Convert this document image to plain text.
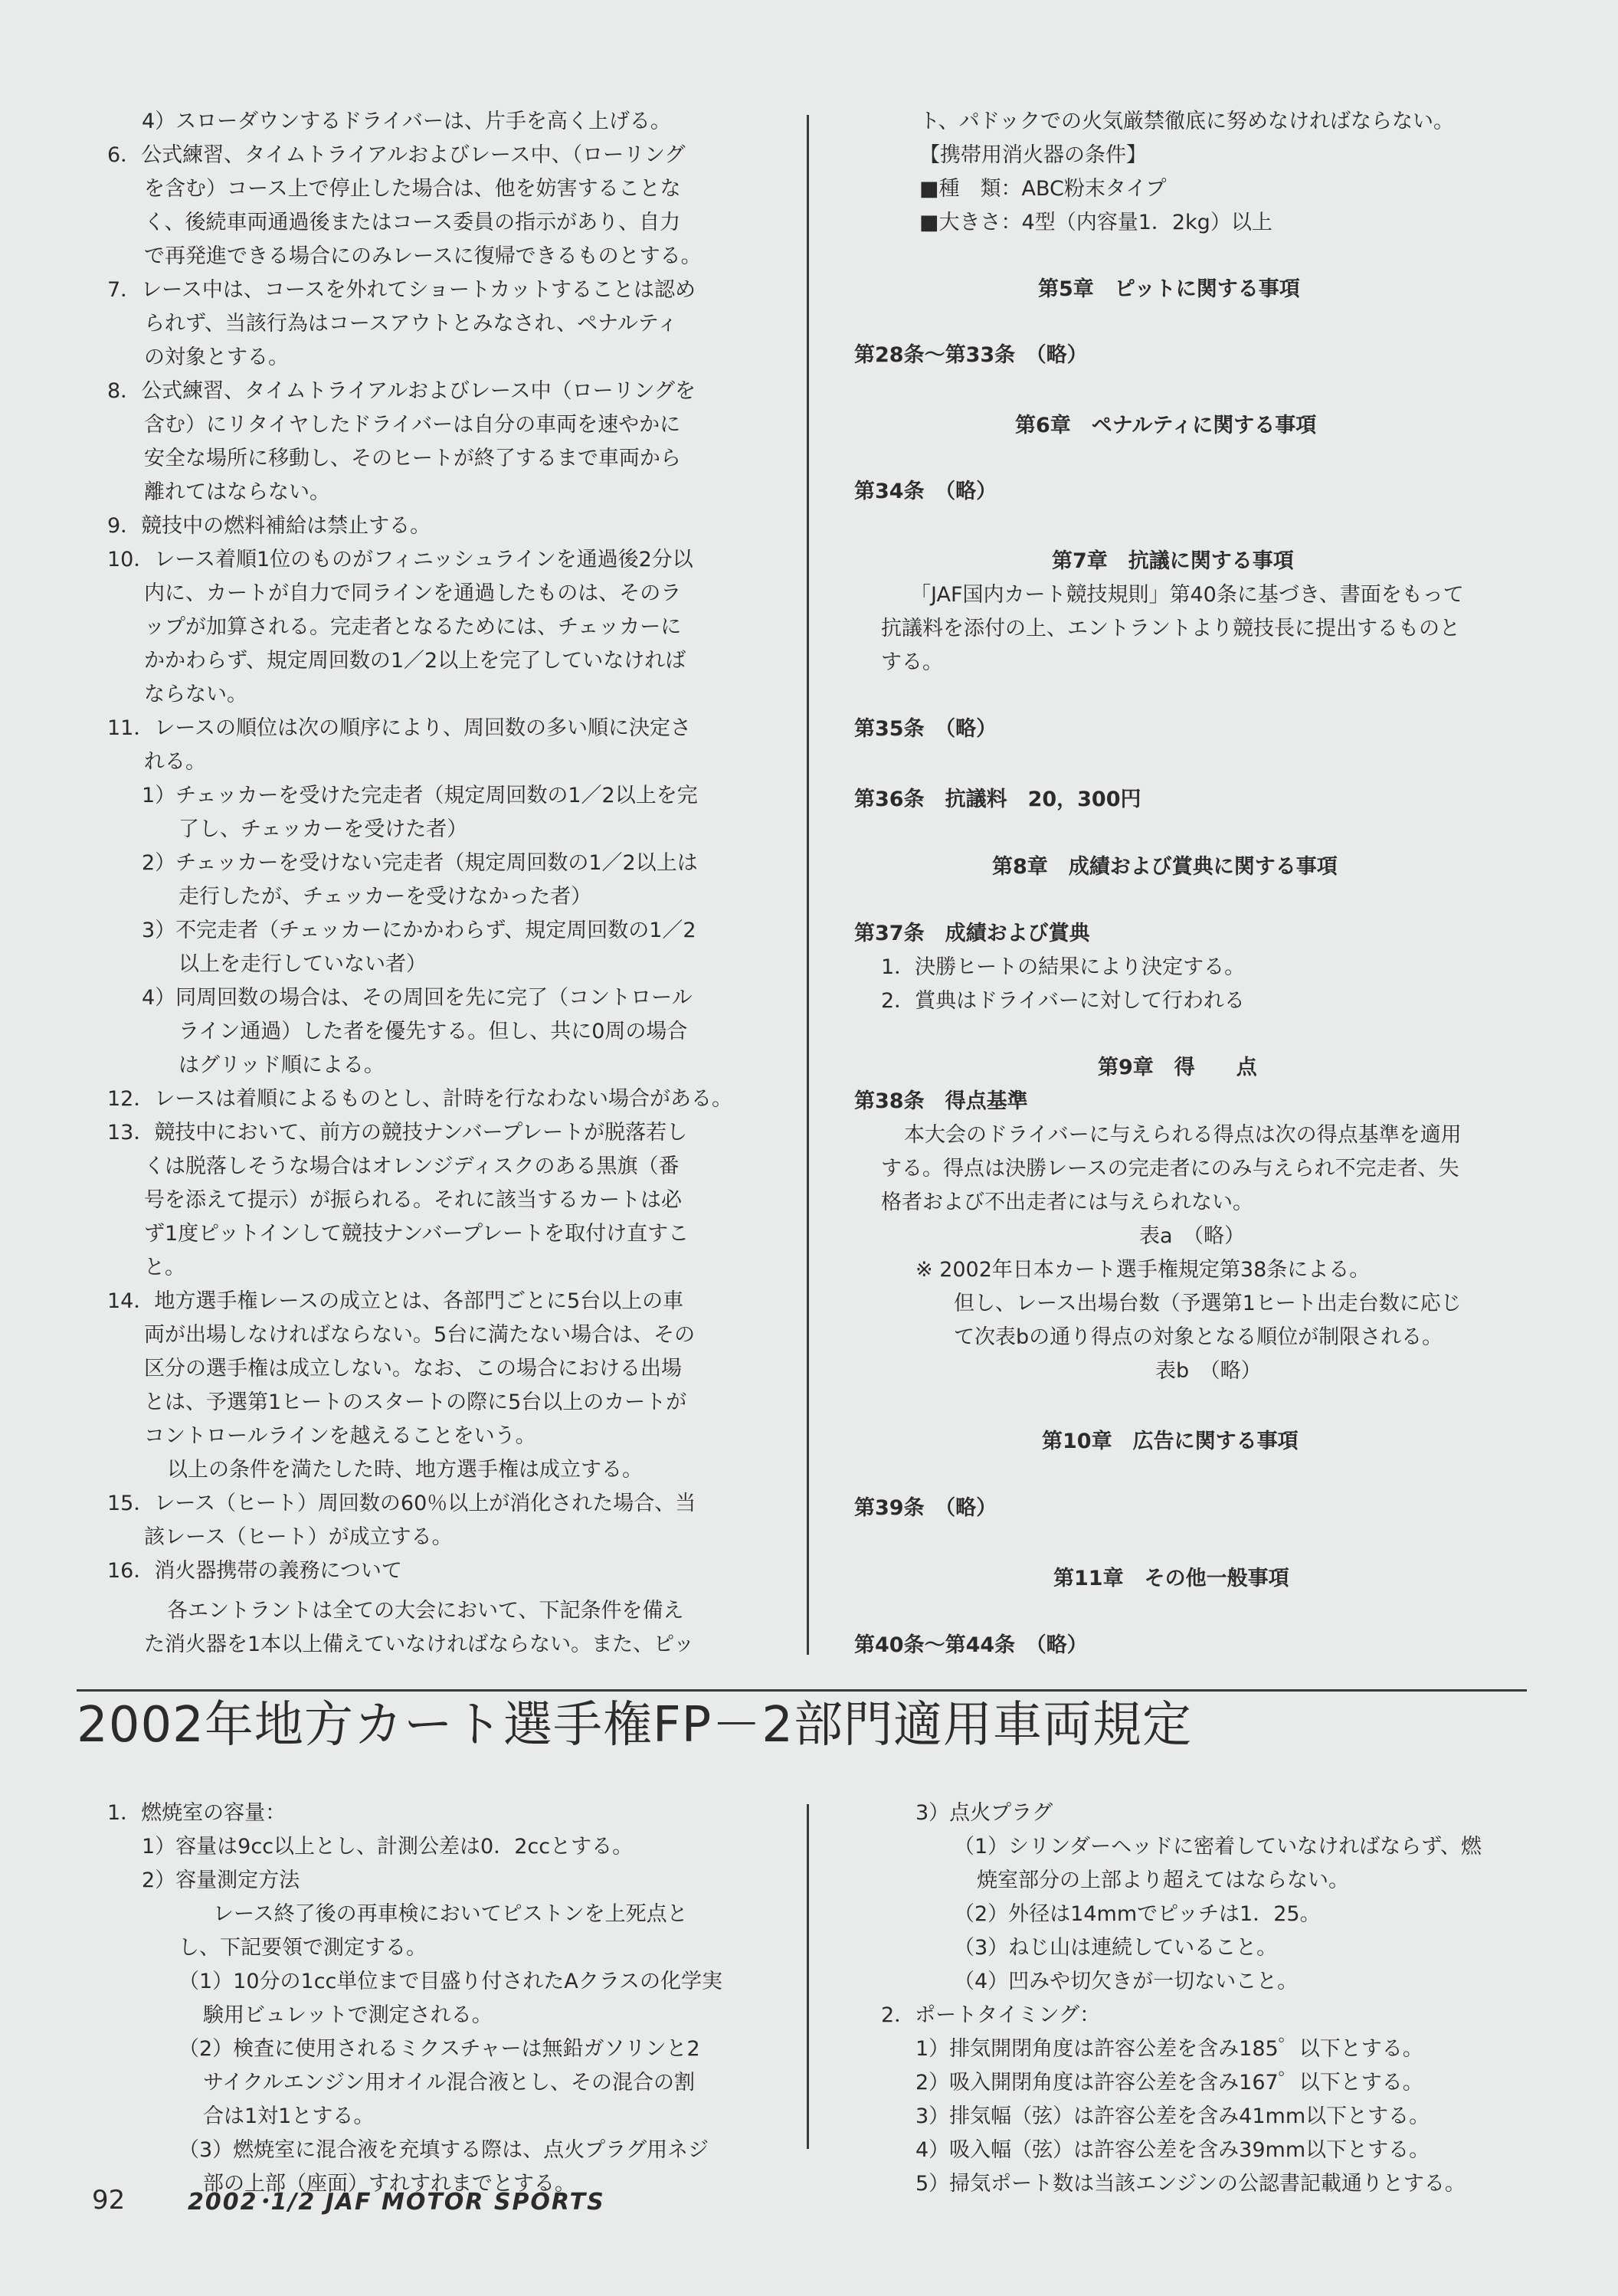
4）スローダウンするドライバーは、片手を高く上げる。
6．公式練習、タイムトライアルおよびレース中、（ローリング
を含む）コース上で停止した場合は、他を妨害することな
く、後続車両通過後またはコース委員の指示があり、自力
で再発進できる場合にのみレースに復帰できるものとする。
7．レース中は、コースを外れてショートカットすることは認め
られず、当該行為はコースアウトとみなされ、ペナルティ
の対象とする。
8．公式練習、タイムトライアルおよびレース中（ローリングを
含む）にリタイヤしたドライバーは自分の車両を速やかに
安全な場所に移動し、そのヒートが終了するまで車両から
離れてはならない。
9．競技中の燃料補給は禁止する。
10．レース着順1位のものがフィニッシュラインを通過後2分以
内に、カートが自力で同ラインを通過したものは、そのラ
ップが加算される。完走者となるためには、チェッカーに
かかわらず、規定周回数の1／2以上を完了していなければ
ならない。
11．レースの順位は次の順序により、周回数の多い順に決定さ
れる。
1）チェッカーを受けた完走者（規定周回数の1／2以上を完
了し、チェッカーを受けた者）
2）チェッカーを受けない完走者（規定周回数の1／2以上は
走行したが、チェッカーを受けなかった者）
3）不完走者（チェッカーにかかわらず、規定周回数の1／2
以上を走行していない者）
4）同周回数の場合は、その周回を先に完了（コントロール
ライン通過）した者を優先する。但し、共に0周の場合
はグリッド順による。
12．レースは着順によるものとし、計時を行なわない場合がある。
13．競技中において、前方の競技ナンバープレートが脱落若し
くは脱落しそうな場合はオレンジディスクのある黒旗（番
号を添えて提示）が振られる。それに該当するカートは必
ず1度ピットインして競技ナンバープレートを取付け直すこ
と。
14．地方選手権レースの成立とは、各部門ごとに5台以上の車
両が出場しなければならない。5台に満たない場合は、その
区分の選手権は成立しない。なお、この場合における出場
とは、予選第1ヒートのスタートの際に5台以上のカートが
コントロールラインを越えることをいう。
以上の条件を満たした時、地方選手権は成立する。
15．レース（ヒート）周回数の60％以上が消化された場合、当
該レース（ヒート）が成立する。
16．消火器携帯の義務について
各エントラントは全ての大会において、下記条件を備え
た消火器を1本以上備えていなければならない。また、ピッ
ト、パドックでの火気厳禁徹底に努めなければならない。
【携帯用消火器の条件】
■種　類：ABC粉末タイプ
■大きさ：4型（内容量1．2kg）以上
第5章　ピットに関する事項
第28条～第33条　（略）
第6章　ペナルティに関する事項
第34条　（略）
第7章　抗議に関する事項
「JAF国内カート競技規則」第40条に基づき、書面をもって
抗議料を添付の上、エントラントより競技長に提出するものと
する。
第35条　（略）
第36条　抗議料　20，300円
第8章　成績および賞典に関する事項
第37条　成績および賞典
1．決勝ヒートの結果により決定する。
2．賞典はドライバーに対して行われる
第9章　得　　点
第38条　得点基準
本大会のドライバーに与えられる得点は次の得点基準を適用
する。得点は決勝レースの完走者にのみ与えられ不完走者、失
格者および不出走者には与えられない。
表a　（略）
※ 2002年日本カート選手権規定第38条による。
但し、レース出場台数（予選第1ヒート出走台数に応じ
て次表bの通り得点の対象となる順位が制限される。
表b　（略）
第10章　広告に関する事項
第39条　（略）
第11章　その他一般事項
第40条～第44条　（略）
2002年地方カート選手権FP－2部門適用車両規定
1．燃焼室の容量：
1）容量は9cc以上とし、計測公差は0．2ccとする。
2）容量測定方法
レース終了後の再車検においてピストンを上死点と
し、下記要領で測定する。
（1）10分の1cc単位まで目盛り付されたAクラスの化学実
験用ビュレットで測定される。
（2）検査に使用されるミクスチャーは無鉛ガソリンと2
サイクルエンジン用オイル混合液とし、その混合の割
合は1対1とする。
（3）燃焼室に混合液を充填する際は、点火プラグ用ネジ
部の上部（座面）すれすれまでとする。
3）点火プラグ
（1）シリンダーヘッドに密着していなければならず、燃
焼室部分の上部より超えてはならない。
（2）外径は14mmでピッチは1．25。
（3）ねじ山は連続していること。
（4）凹みや切欠きが一切ないこと。
2．ポートタイミング：
1）排気開閉角度は許容公差を含み185゜以下とする。
2）吸入開閉角度は許容公差を含み167゜以下とする。
3）排気幅（弦）は許容公差を含み41mm以下とする。
4）吸入幅（弦）は許容公差を含み39mm以下とする。
5）掃気ポート数は当該エンジンの公認書記載通りとする。
92	2002･1/2 JAF MOTOR SPORTS
